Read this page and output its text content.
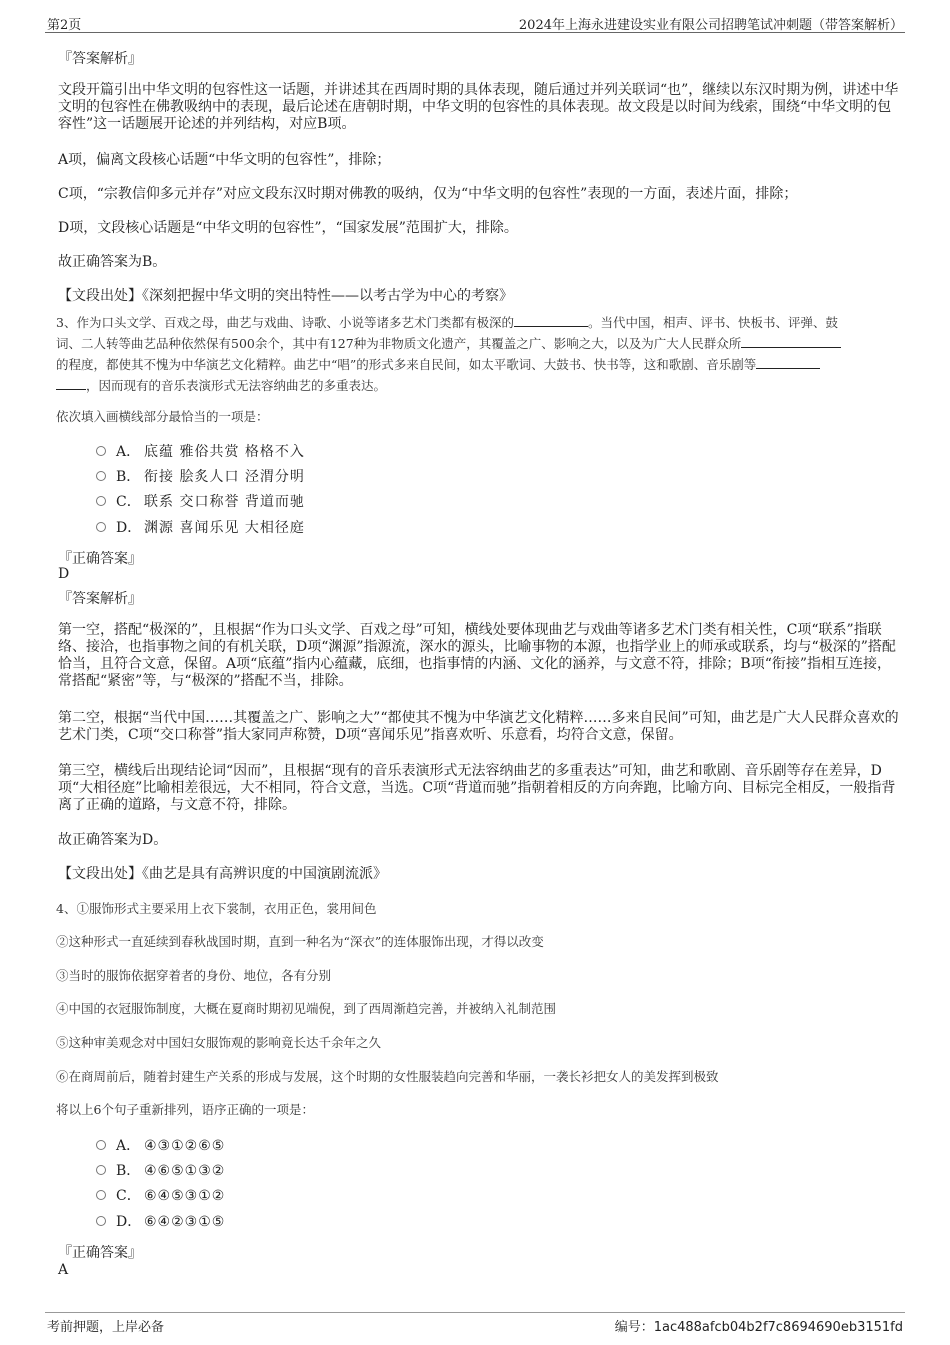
第2页	2024年上海永进建设实业有限公司招聘笔试冲刺题（带答案解析）
『答案解析』
文段开篇引出中华文明的包容性这一话题，并讲述其在西周时期的具体表现，随后通过并列关联词“也”，继续以东汉时期为例，讲述中华文明的包容性在佛教吸纳中的表现，最后论述在唐朝时期，中华文明的包容性的具体表现。故文段是以时间为线索，围绕“中华文明的包容性”这一话题展开论述的并列结构，对应B项。
A项，偏离文段核心话题“中华文明的包容性”，排除；
C项，“宗教信仰多元并存”对应文段东汉时期对佛教的吸纳，仅为“中华文明的包容性”表现的一方面，表述片面，排除；
D项，文段核心话题是“中华文明的包容性”，“国家发展”范围扩大，排除。
故正确答案为B。
【文段出处】《深刻把握中华文明的突出特性——以考古学为中心的考察》
3、作为口头文学、百戏之母，曲艺与戏曲、诗歌、小说等诸多艺术门类都有极深的	。当代中国，相声、评书、快板书、评弹、鼓
词、二人转等曲艺品种依然保有500余个，其中有127种为非物质文化遗产，其覆盖之广、影响之大，以及为广大人民群众所
的程度，都使其不愧为中华演艺文化精粹。曲艺中“唱”的形式多来自民间，如太平歌词、大鼓书、快书等，这和歌剧、音乐剧等
，因而现有的音乐表演形式无法容纳曲艺的多重表达。
依次填入画横线部分最恰当的一项是：
A． 底蕴 雅俗共赏 格格不入
B． 衔接 脍炙人口 泾渭分明
C． 联系 交口称誉 背道而驰
D． 渊源 喜闻乐见 大相径庭
『正确答案』
D
『答案解析』
第一空，搭配“极深的”，且根据“作为口头文学、百戏之母”可知，横线处要体现曲艺与戏曲等诸多艺术门类有相关性，C项“联系”指联络、接洽，也指事物之间的有机关联，D项“渊源”指源流，深水的源头，比喻事物的本源，也指学业上的师承或联系，均与“极深的”搭配恰当，且符合文意，保留。A项“底蕴”指内心蕴藏，底细，也指事情的内涵、文化的涵养，与文意不符，排除；B项“衔接”指相互连接，常搭配“紧密”等，与“极深的”搭配不当，排除。
第二空，根据“当代中国……其覆盖之广、影响之大”“都使其不愧为中华演艺文化精粹……多来自民间”可知，曲艺是广大人民群众喜欢的艺术门类，C项“交口称誉”指大家同声称赞，D项“喜闻乐见”指喜欢听、乐意看，均符合文意，保留。
第三空，横线后出现结论词“因而”，且根据“现有的音乐表演形式无法容纳曲艺的多重表达”可知，曲艺和歌剧、音乐剧等存在差异，D项“大相径庭”比喻相差很远，大不相同，符合文意，当选。C项“背道而驰”指朝着相反的方向奔跑，比喻方向、目标完全相反，一般指背离了正确的道路，与文意不符，排除。
故正确答案为D。
【文段出处】《曲艺是具有高辨识度的中国演剧流派》
4、①服饰形式主要采用上衣下裳制，衣用正色，裳用间色
②这种形式一直延续到春秋战国时期，直到一种名为“深衣”的连体服饰出现，才得以改变
③当时的服饰依据穿着者的身份、地位，各有分别
④中国的衣冠服饰制度，大概在夏商时期初见端倪，到了西周渐趋完善，并被纳入礼制范围
⑤这种审美观念对中国妇女服饰观的影响竟长达千余年之久
⑥在商周前后，随着封建生产关系的形成与发展，这个时期的女性服装趋向完善和华丽，一袭长衫把女人的美发挥到极致
将以上6个句子重新排列，语序正确的一项是：
A． ④③①②⑥⑤
B． ④⑥⑤①③②
C． ⑥④⑤③①②
D． ⑥④②③①⑤
『正确答案』
A
考前押题，上岸必备	编号：1ac488afcb04b2f7c8694690eb3151fd
